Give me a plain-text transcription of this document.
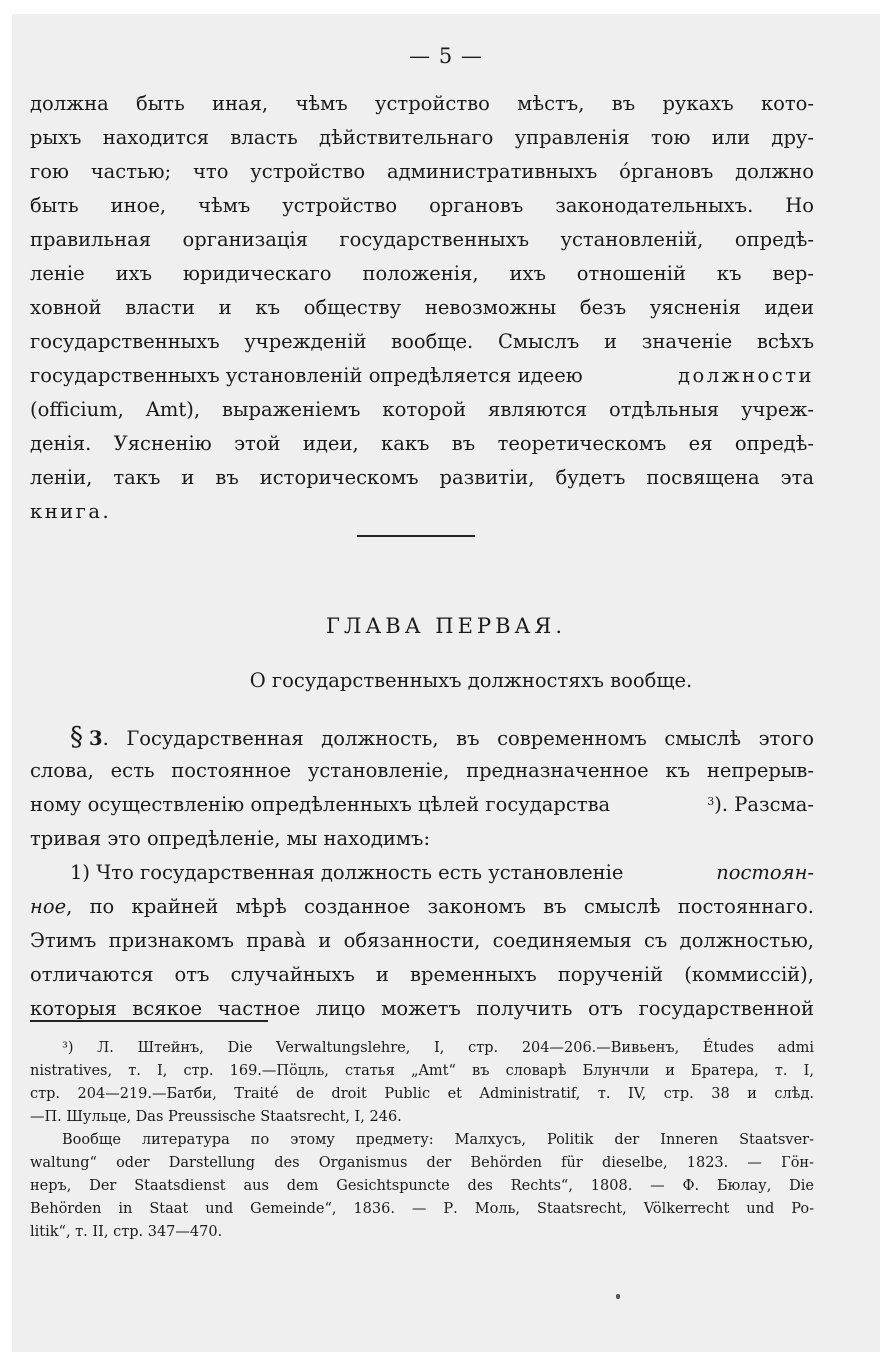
— 5 —
должна быть иная, чѣмъ устройство мѣстъ, въ рукахъ кото-
рыхъ находится власть дѣйствительнаго управленія тою или дру-
гою частью; что устройство административныхъ óргановъ должно
быть иное, чѣмъ устройство органовъ законодательныхъ. Но
правильная организація государственныхъ установленій, опредѣ-
леніе ихъ юридическаго положенія, ихъ отношеній къ вер-
ховной власти и къ обществу невозможны безъ уясненія идеи
государственныхъ учрежденій вообще. Смыслъ и значеніе всѣхъ
государственныхъ установленій опредѣляется идеею	должности
(officium, Amt), выраженіемъ которой являются отдѣльныя учреж-
денія. Уясненію этой идеи, какъ въ теоретическомъ ея опредѣ-
леніи, такъ и въ историческомъ развитіи, будетъ посвящена эта
книга.
ГЛАВА ПЕРВАЯ.
О государственныхъ должностяхъ вообще.
§ 3 . Государственная должность, въ современномъ смыслѣ этого
слова, есть постоянное установленіе, предназначенное къ непрерыв-
ному осуществленію опредѣленныхъ цѣлей государства	$^3$). Разсма-
тривая это опредѣленіе, мы находимъ:
1) Что государственная должность есть установленіе	постоян-
ное , по крайней мѣрѣ созданное закономъ въ смыслѣ постояннаго.
Этимъ признакомъ правà и обязанности, соединяемыя съ должностью,
отличаются отъ случайныхъ и временныхъ порученій (коммиссій),
которыя всякое частное лицо можетъ получить отъ государственной
³) Л. Штейнъ, Die Verwaltungslehre, I, стр. 204—206.—Вивьенъ, Études admi
nistratives, т. I, стр. 169.—Пöцль, статья „Amt“ въ словарѣ Блунчли и Братера, т. I,
стр. 204—219.—Батби, Traité de droit Public et Administratif, т. IV, стр. 38 и слѣд.
—П. Шульце, Das Preussische Staatsrecht, I, 246.
Вообще литература по этому предмету: Малхусъ, Politik der Inneren Staatsver-
waltung“ oder Darstellung des Organismus der Behörden für dieselbe, 1823. — Гöн-
неръ, Der Staatsdienst aus dem Gesichtspuncte des Rechts“, 1808. — Ф. Бюлау, Die
Behörden in Staat und Gemeinde“, 1836. — Р. Моль, Staatsrecht, Völkerrecht und Po-
litik“, т. II, стр. 347—470.
